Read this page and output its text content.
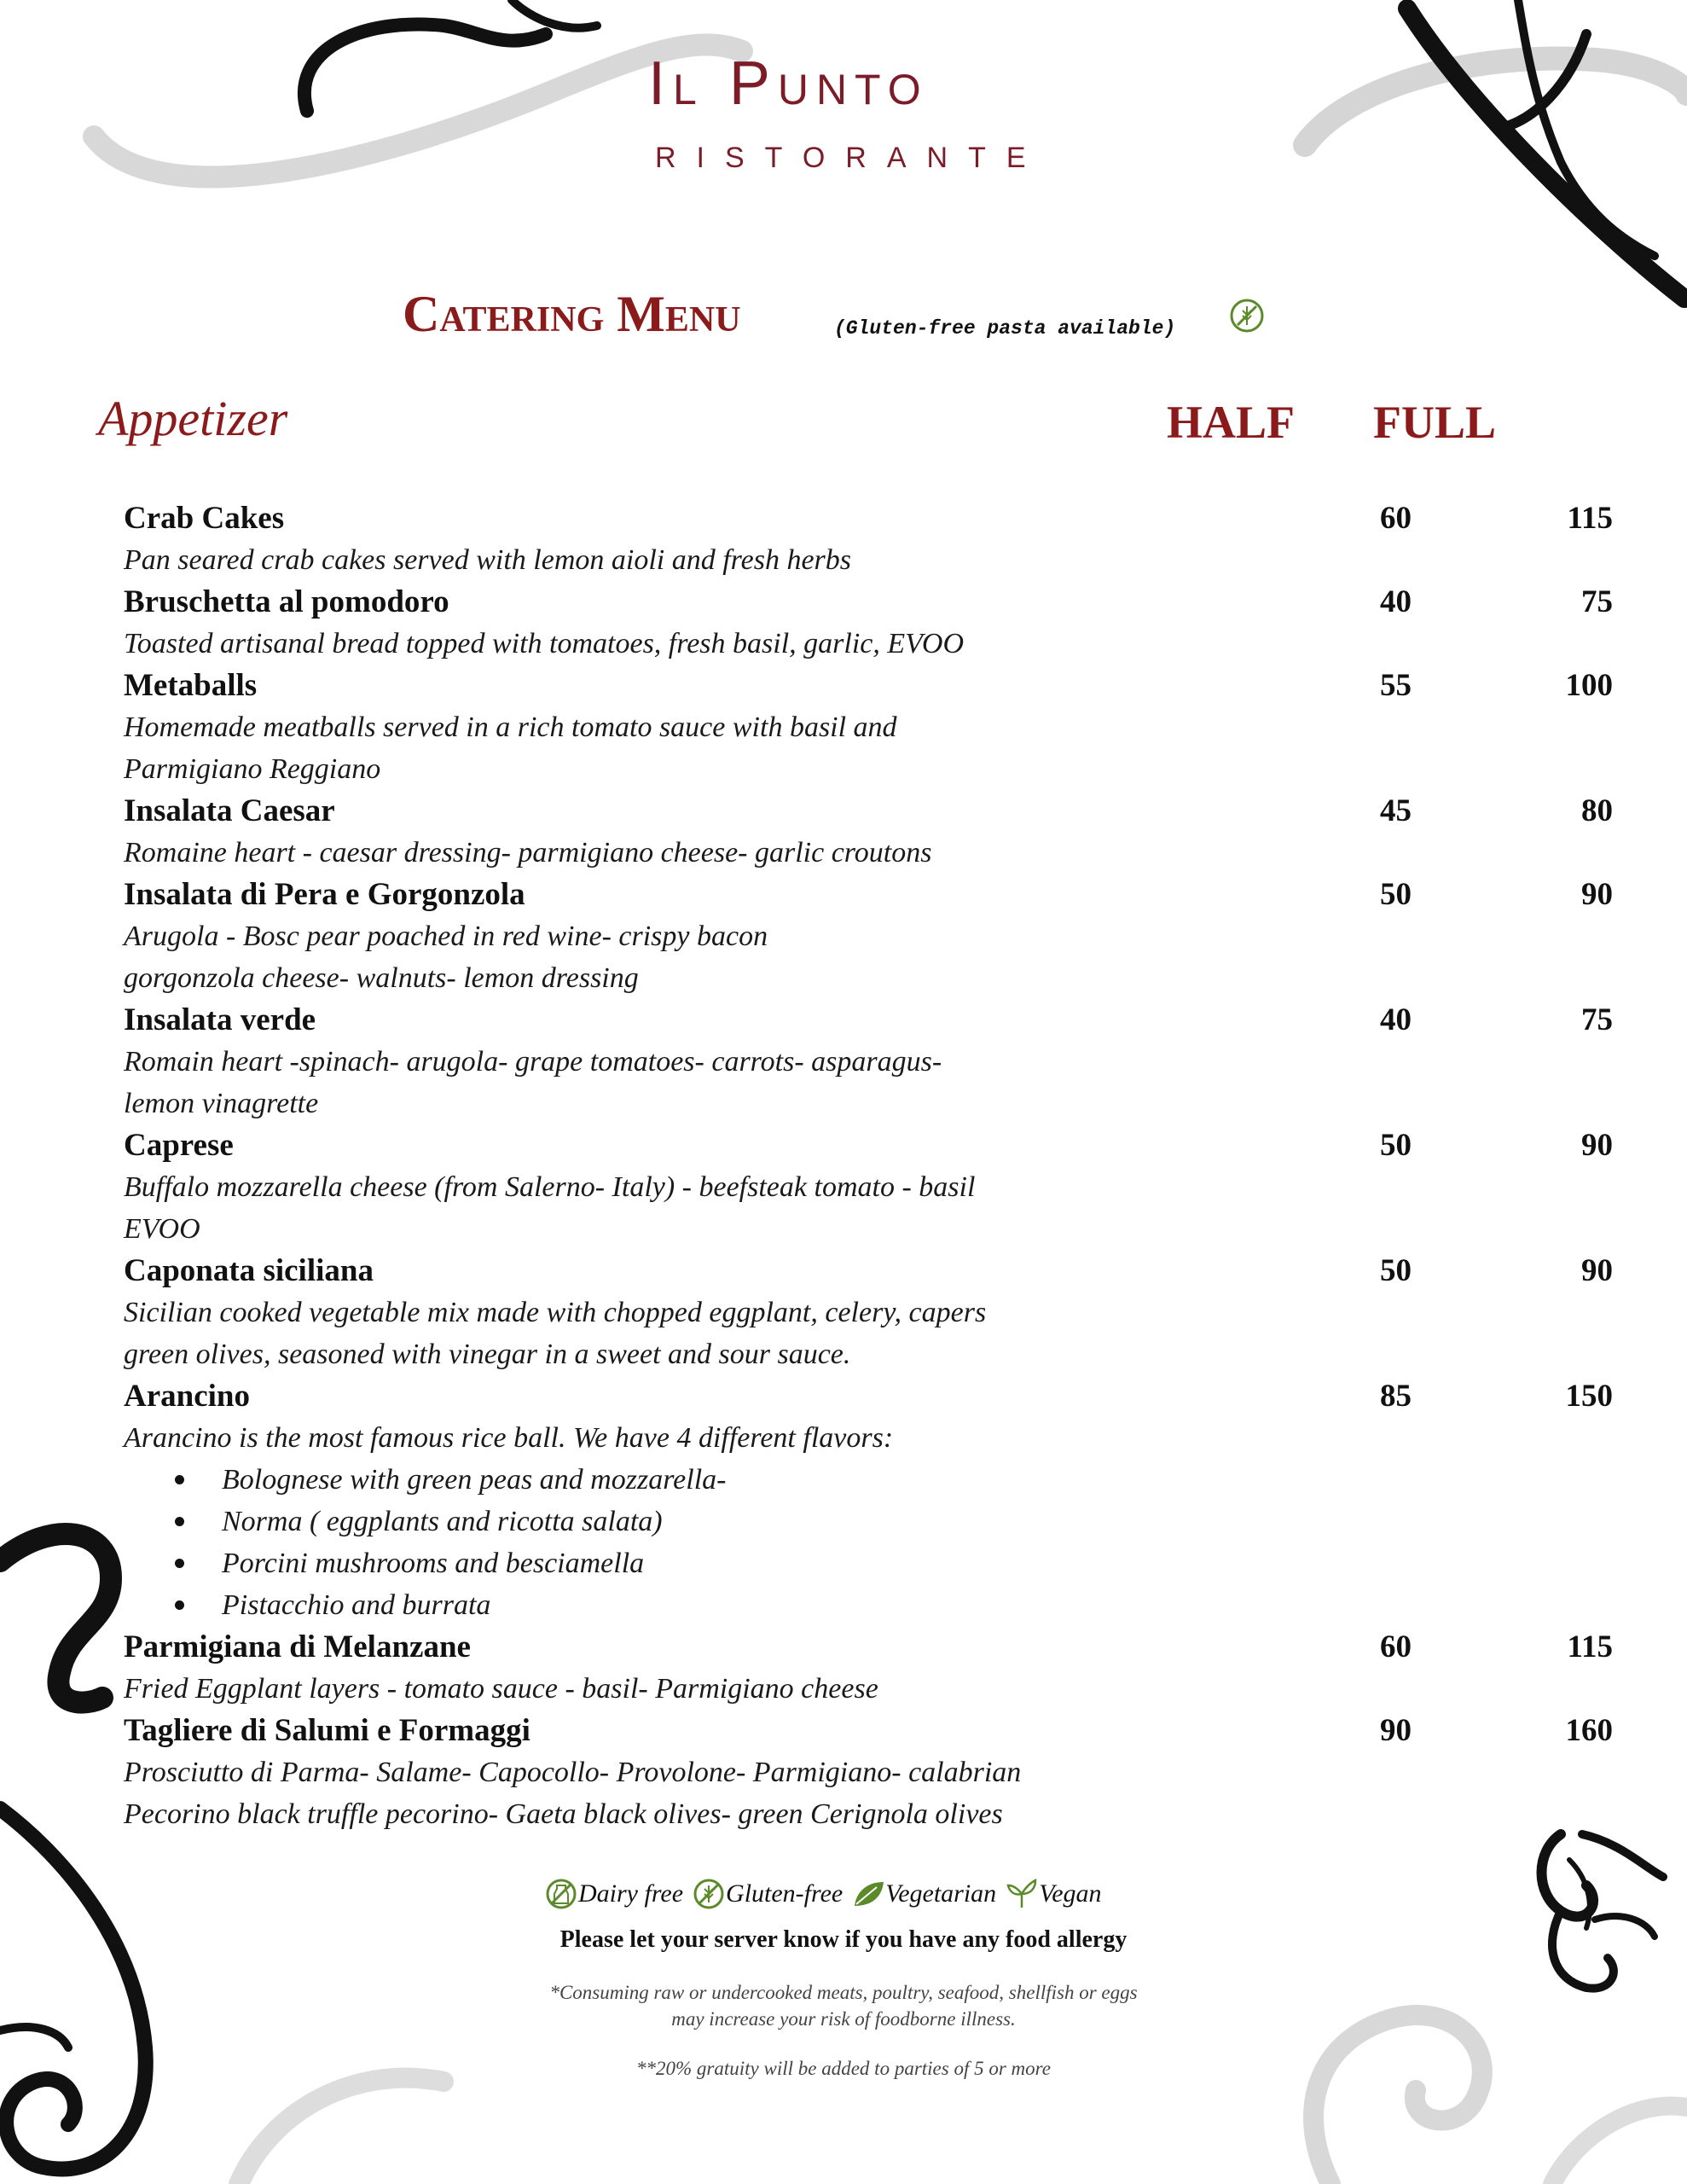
Il Punto
RISTORANTE
Catering Menu	(Gluten-free pasta available)
Appetizer	HALF FULL
Crab Cakes	60	115
Pan seared crab cakes served with lemon aioli and fresh herbs
Bruschetta al pomodoro	40	75
Toasted artisanal bread topped with tomatoes, fresh basil, garlic, EVOO
Metaballs	55	100
Homemade meatballs served in a rich tomato sauce with basil and
Parmigiano Reggiano
Insalata Caesar	45	80
Romaine heart - caesar dressing- parmigiano cheese- garlic croutons
Insalata di Pera e Gorgonzola	50	90
Arugola - Bosc pear poached in red wine- crispy bacon
gorgonzola cheese- walnuts- lemon dressing
Insalata verde	40	75
Romain heart -spinach- arugola- grape tomatoes- carrots- asparagus-
lemon vinagrette
Caprese	50	90
Buffalo mozzarella cheese (from Salerno- Italy) - beefsteak tomato - basil
EVOO
Caponata siciliana	50	90
Sicilian cooked vegetable mix made with chopped eggplant, celery, capers
green olives, seasoned with vinegar in a sweet and sour sauce.
Arancino	85	150
Arancino is the most famous rice ball. We have 4 different flavors:
Bolognese with green peas and mozzarella-
Norma ( eggplants and ricotta salata)
Porcini mushrooms and besciamella
Pistacchio and burrata
Parmigiana di Melanzane	60	115
Fried Eggplant layers - tomato sauce - basil- Parmigiano cheese
Tagliere di Salumi e Formaggi	90	160
Prosciutto di Parma- Salame- Capocollo- Provolone- Parmigiano- calabrian
Pecorino black truffle pecorino- Gaeta black olives- green Cerignola olives
Dairy free Gluten-free Vegetarian Vegan
Please let your server know if you have any food allergy
*Consuming raw or undercooked meats, poultry, seafood, shellfish or eggs
may increase your risk of foodborne illness.
**20% gratuity will be added to parties of 5 or more
